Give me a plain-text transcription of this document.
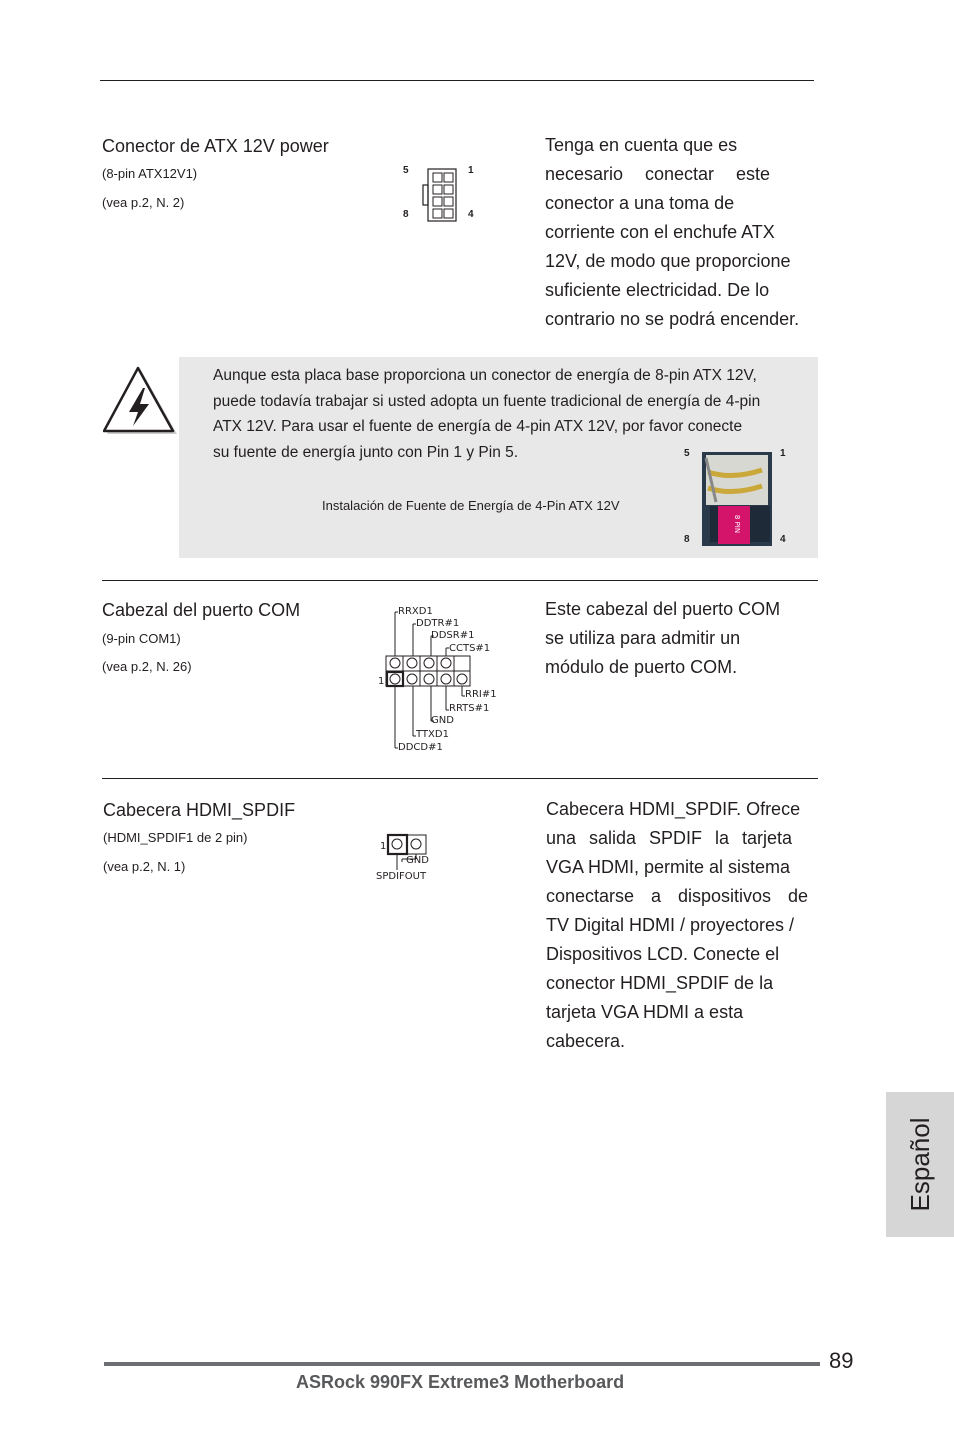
Conector de ATX 12V power
(8-pin ATX12V1)
(vea p.2, N. 2)
5	1
8	4
Tenga en cuenta que es
necesario conectar este
conector a una toma de
corriente con el enchufe ATX
12V, de modo que proporcione
suficiente electricidad. De lo
contrario no se podrá encender.
Aunque esta placa base proporciona un conector de energía de 8-pin ATX 12V,
puede todavía trabajar si usted adopta un fuente tradicional de energía de 4-pin
ATX 12V. Para usar el fuente de energía de 4-pin ATX 12V, por favor conecte
su fuente de energía junto con Pin 1 y Pin 5.
Instalación de Fuente de Energía de 4-Pin ATX 12V
5	1
8	4
8 PIN
Cabezal del puerto COM
(9-pin COM1)
(vea p.2, N. 26)
1
RRXD1
DDTR#1
DDSR#1
CCTS#1
RRI#1
RRTS#1
GND
TTXD1
DDCD#1
Este cabezal del puerto COM
se utiliza para admitir un
módulo de puerto COM.
Cabecera HDMI_SPDIF
(HDMI_SPDIF1 de 2 pin)
(vea p.2, N. 1)
1
GND
SPDIFOUT
Cabecera HDMI_SPDIF. Ofrece
una salida SPDIF la tarjeta
VGA HDMI, permite al sistema
conectarse a dispositivos de
TV Digital HDMI / proyectores /
Dispositivos LCD. Conecte el
conector HDMI_SPDIF de la
tarjeta VGA HDMI a esta
cabecera.
Español
89
ASRock 990FX Extreme3 Motherboard
